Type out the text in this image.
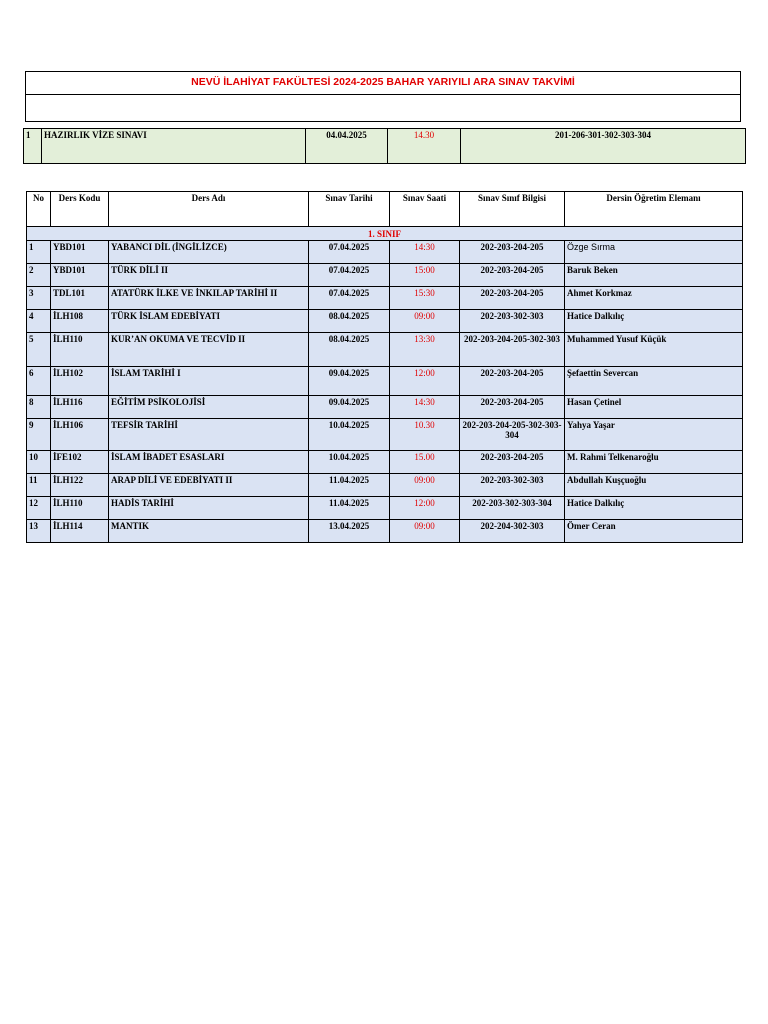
NEVÜ İLAHİYAT FAKÜLTESİ 2024-2025 BAHAR YARIYILI ARA SINAV TAKVİMİ
1	HAZIRLIK VİZE SINAVI	04.04.2025	14.30	201-206-301-302-303-304
1. SINIF						
No	Ders Kodu	Ders Adı	Sınav Tarihi	Sınav Saati	Sınav Sınıf Bilgisi	Dersin Öğretim Elemanı
1	YBD101	YABANCI DİL (İNGİLİZCE)	07.04.2025	14:30	202-203-204-205	Özge Sırma
2	YBD101	TÜRK DİLİ II	07.04.2025	15:00	202-203-204-205	Baruk Beken
3	TDL101	ATATÜRK İLKE VE İNKILAP TARİHİ II	07.04.2025	15:30	202-203-204-205	Ahmet Korkmaz
4	İLH108	TÜRK İSLAM EDEBİYATI	08.04.2025	09:00	202-203-302-303	Hatice Dalkılıç
5	İLH110	KUR’AN OKUMA VE TECVİD II	08.04.2025	13:30	202-203-204-205-302-303	Muhammed Yusuf Küçük
6	İLH102	İSLAM TARİHİ I	09.04.2025	12:00	202-203-204-205	Şefaettin Severcan
8	İLH116	EĞİTİM PSİKOLOJİSİ	09.04.2025	14:30	202-203-204-205	Hasan Çetinel
9	İLH106	TEFSİR TARİHİ	10.04.2025	10.30	202-203-204-205-302-303-304	Yahya Yaşar
10	İFE102	İSLAM İBADET ESASLARI	10.04.2025	15.00	202-203-204-205	M. Rahmi Telkenaroğlu
11	İLH122	ARAP DİLİ VE EDEBİYATI II	11.04.2025	09:00	202-203-302-303	Abdullah Kuşçuoğlu
12	İLH110	HADİS TARİHİ	11.04.2025	12:00	202-203-302-303-304	Hatice Dalkılıç
13	İLH114	MANTIK	13.04.2025	09:00	202-204-302-303	Ömer Ceran
